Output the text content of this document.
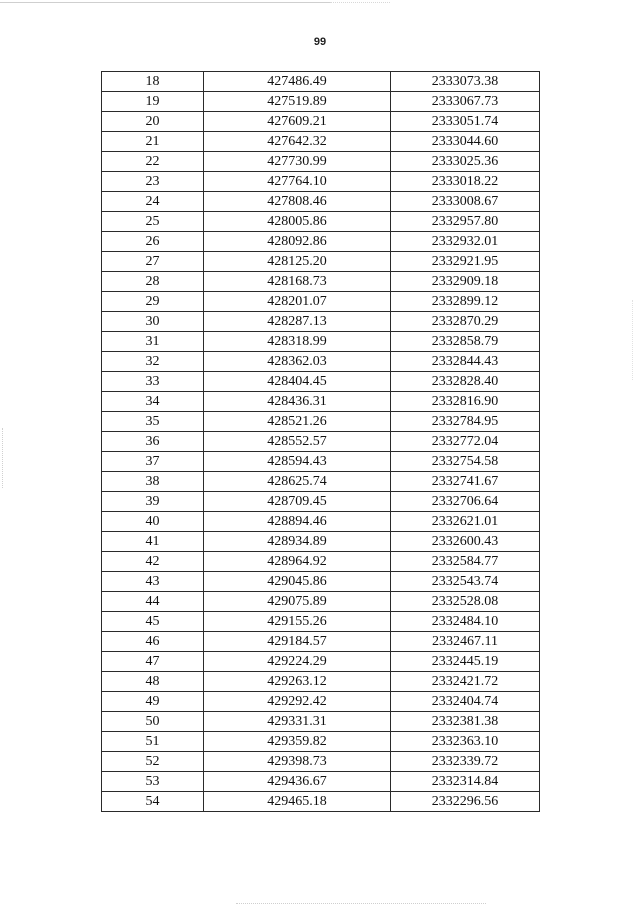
99
18	427486.49	2333073.38
19	427519.89	2333067.73
20	427609.21	2333051.74
21	427642.32	2333044.60
22	427730.99	2333025.36
23	427764.10	2333018.22
24	427808.46	2333008.67
25	428005.86	2332957.80
26	428092.86	2332932.01
27	428125.20	2332921.95
28	428168.73	2332909.18
29	428201.07	2332899.12
30	428287.13	2332870.29
31	428318.99	2332858.79
32	428362.03	2332844.43
33	428404.45	2332828.40
34	428436.31	2332816.90
35	428521.26	2332784.95
36	428552.57	2332772.04
37	428594.43	2332754.58
38	428625.74	2332741.67
39	428709.45	2332706.64
40	428894.46	2332621.01
41	428934.89	2332600.43
42	428964.92	2332584.77
43	429045.86	2332543.74
44	429075.89	2332528.08
45	429155.26	2332484.10
46	429184.57	2332467.11
47	429224.29	2332445.19
48	429263.12	2332421.72
49	429292.42	2332404.74
50	429331.31	2332381.38
51	429359.82	2332363.10
52	429398.73	2332339.72
53	429436.67	2332314.84
54	429465.18	2332296.56
